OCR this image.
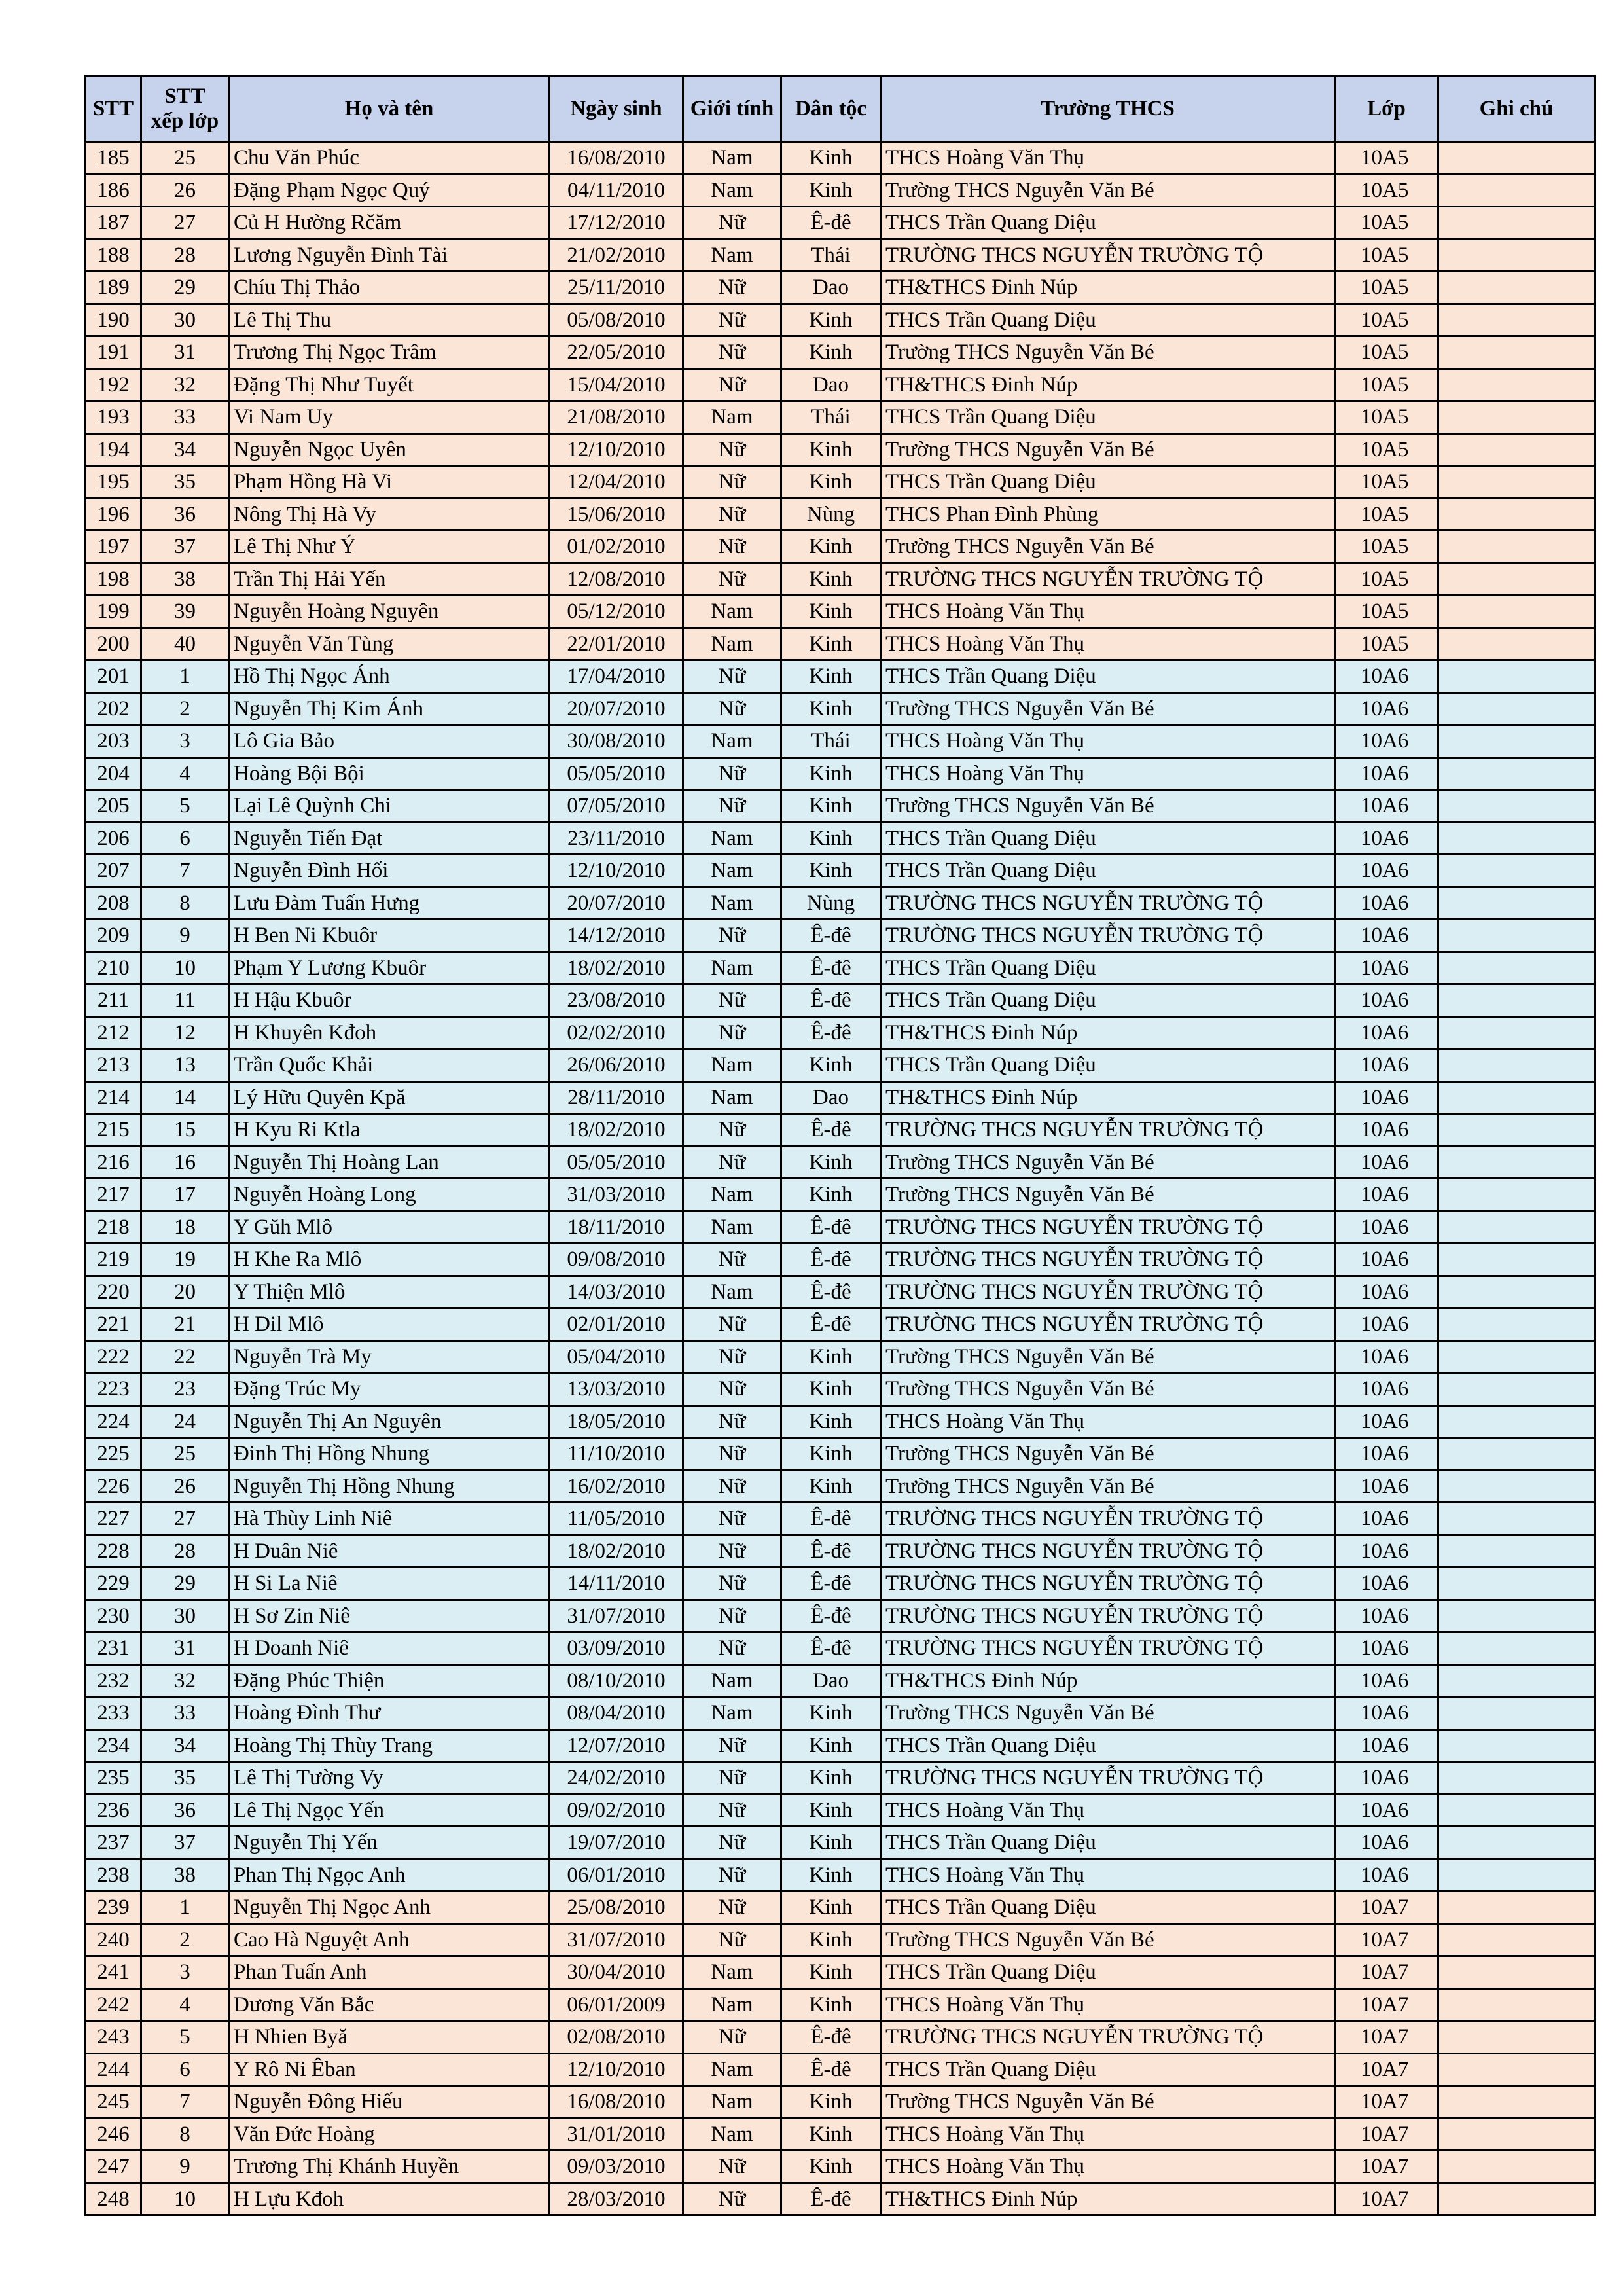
STT	STT xếp lớp	Họ và tên	Ngày sinh	Giới tính	Dân tộc	Trường THCS	Lớp	Ghi chú
185	25	Chu Văn Phúc	16/08/2010	Nam	Kinh	THCS Hoàng Văn Thụ	10A5	
186	26	Đặng Phạm Ngọc Quý	04/11/2010	Nam	Kinh	Trường THCS Nguyễn Văn Bé	10A5	
187	27	Củ H Hường Rčăm	17/12/2010	Nữ	Ê-đê	THCS Trần Quang Diệu	10A5	
188	28	Lương Nguyễn Đình Tài	21/02/2010	Nam	Thái	TRƯỜNG THCS NGUYỄN TRƯỜNG TỘ	10A5	
189	29	Chíu Thị Thảo	25/11/2010	Nữ	Dao	TH&THCS Đinh Núp	10A5	
190	30	Lê Thị Thu	05/08/2010	Nữ	Kinh	THCS Trần Quang Diệu	10A5	
191	31	Trương Thị Ngọc Trâm	22/05/2010	Nữ	Kinh	Trường THCS Nguyễn Văn Bé	10A5	
192	32	Đặng Thị Như Tuyết	15/04/2010	Nữ	Dao	TH&THCS Đinh Núp	10A5	
193	33	Vi Nam Uy	21/08/2010	Nam	Thái	THCS Trần Quang Diệu	10A5	
194	34	Nguyễn Ngọc Uyên	12/10/2010	Nữ	Kinh	Trường THCS Nguyễn Văn Bé	10A5	
195	35	Phạm Hồng Hà Vi	12/04/2010	Nữ	Kinh	THCS Trần Quang Diệu	10A5	
196	36	Nông Thị Hà Vy	15/06/2010	Nữ	Nùng	THCS Phan Đình Phùng	10A5	
197	37	Lê Thị Như Ý	01/02/2010	Nữ	Kinh	Trường THCS Nguyễn Văn Bé	10A5	
198	38	Trần Thị Hải Yến	12/08/2010	Nữ	Kinh	TRƯỜNG THCS NGUYỄN TRƯỜNG TỘ	10A5	
199	39	Nguyễn Hoàng Nguyên	05/12/2010	Nam	Kinh	THCS Hoàng Văn Thụ	10A5	
200	40	Nguyễn Văn Tùng	22/01/2010	Nam	Kinh	THCS Hoàng Văn Thụ	10A5	
201	1	Hồ Thị Ngọc Ánh	17/04/2010	Nữ	Kinh	THCS Trần Quang Diệu	10A6	
202	2	Nguyễn Thị Kim Ánh	20/07/2010	Nữ	Kinh	Trường THCS Nguyễn Văn Bé	10A6	
203	3	Lô Gia Bảo	30/08/2010	Nam	Thái	THCS Hoàng Văn Thụ	10A6	
204	4	Hoàng Bội Bội	05/05/2010	Nữ	Kinh	THCS Hoàng Văn Thụ	10A6	
205	5	Lại Lê Quỳnh Chi	07/05/2010	Nữ	Kinh	Trường THCS Nguyễn Văn Bé	10A6	
206	6	Nguyễn Tiến Đạt	23/11/2010	Nam	Kinh	THCS Trần Quang Diệu	10A6	
207	7	Nguyễn Đình Hối	12/10/2010	Nam	Kinh	THCS Trần Quang Diệu	10A6	
208	8	Lưu Đàm Tuấn Hưng	20/07/2010	Nam	Nùng	TRƯỜNG THCS NGUYỄN TRƯỜNG TỘ	10A6	
209	9	H Ben Ni Kbuôr	14/12/2010	Nữ	Ê-đê	TRƯỜNG THCS NGUYỄN TRƯỜNG TỘ	10A6	
210	10	Phạm Y Lương Kbuôr	18/02/2010	Nam	Ê-đê	THCS Trần Quang Diệu	10A6	
211	11	H Hậu Kbuôr	23/08/2010	Nữ	Ê-đê	THCS Trần Quang Diệu	10A6	
212	12	H Khuyên Kđoh	02/02/2010	Nữ	Ê-đê	TH&THCS Đinh Núp	10A6	
213	13	Trần Quốc Khải	26/06/2010	Nam	Kinh	THCS Trần Quang Diệu	10A6	
214	14	Lý Hữu Quyên Kpă	28/11/2010	Nam	Dao	TH&THCS Đinh Núp	10A6	
215	15	H Kyu Ri Ktla	18/02/2010	Nữ	Ê-đê	TRƯỜNG THCS NGUYỄN TRƯỜNG TỘ	10A6	
216	16	Nguyễn Thị Hoàng Lan	05/05/2010	Nữ	Kinh	Trường THCS Nguyễn Văn Bé	10A6	
217	17	Nguyễn Hoàng Long	31/03/2010	Nam	Kinh	Trường THCS Nguyễn Văn Bé	10A6	
218	18	Y Gŭh Mlô	18/11/2010	Nam	Ê-đê	TRƯỜNG THCS NGUYỄN TRƯỜNG TỘ	10A6	
219	19	H Khe Ra Mlô	09/08/2010	Nữ	Ê-đê	TRƯỜNG THCS NGUYỄN TRƯỜNG TỘ	10A6	
220	20	Y Thiện Mlô	14/03/2010	Nam	Ê-đê	TRƯỜNG THCS NGUYỄN TRƯỜNG TỘ	10A6	
221	21	H Dil Mlô	02/01/2010	Nữ	Ê-đê	TRƯỜNG THCS NGUYỄN TRƯỜNG TỘ	10A6	
222	22	Nguyễn Trà My	05/04/2010	Nữ	Kinh	Trường THCS Nguyễn Văn Bé	10A6	
223	23	Đặng Trúc My	13/03/2010	Nữ	Kinh	Trường THCS Nguyễn Văn Bé	10A6	
224	24	Nguyễn Thị An Nguyên	18/05/2010	Nữ	Kinh	THCS Hoàng Văn Thụ	10A6	
225	25	Đinh Thị Hồng Nhung	11/10/2010	Nữ	Kinh	Trường THCS Nguyễn Văn Bé	10A6	
226	26	Nguyễn Thị Hồng Nhung	16/02/2010	Nữ	Kinh	Trường THCS Nguyễn Văn Bé	10A6	
227	27	Hà Thùy Linh Niê	11/05/2010	Nữ	Ê-đê	TRƯỜNG THCS NGUYỄN TRƯỜNG TỘ	10A6	
228	28	H Duân Niê	18/02/2010	Nữ	Ê-đê	TRƯỜNG THCS NGUYỄN TRƯỜNG TỘ	10A6	
229	29	H Si La Niê	14/11/2010	Nữ	Ê-đê	TRƯỜNG THCS NGUYỄN TRƯỜNG TỘ	10A6	
230	30	H Sơ Zin Niê	31/07/2010	Nữ	Ê-đê	TRƯỜNG THCS NGUYỄN TRƯỜNG TỘ	10A6	
231	31	H Doanh Niê	03/09/2010	Nữ	Ê-đê	TRƯỜNG THCS NGUYỄN TRƯỜNG TỘ	10A6	
232	32	Đặng Phúc Thiện	08/10/2010	Nam	Dao	TH&THCS Đinh Núp	10A6	
233	33	Hoàng Đình Thư	08/04/2010	Nam	Kinh	Trường THCS Nguyễn Văn Bé	10A6	
234	34	Hoàng Thị Thùy Trang	12/07/2010	Nữ	Kinh	THCS Trần Quang Diệu	10A6	
235	35	Lê Thị Tường Vy	24/02/2010	Nữ	Kinh	TRƯỜNG THCS NGUYỄN TRƯỜNG TỘ	10A6	
236	36	Lê Thị Ngọc Yến	09/02/2010	Nữ	Kinh	THCS Hoàng Văn Thụ	10A6	
237	37	Nguyễn Thị Yến	19/07/2010	Nữ	Kinh	THCS Trần Quang Diệu	10A6	
238	38	Phan Thị Ngọc Anh	06/01/2010	Nữ	Kinh	THCS Hoàng Văn Thụ	10A6	
239	1	Nguyễn Thị Ngọc Anh	25/08/2010	Nữ	Kinh	THCS Trần Quang Diệu	10A7	
240	2	Cao Hà Nguyệt Anh	31/07/2010	Nữ	Kinh	Trường THCS Nguyễn Văn Bé	10A7	
241	3	Phan Tuấn Anh	30/04/2010	Nam	Kinh	THCS Trần Quang Diệu	10A7	
242	4	Dương Văn Bắc	06/01/2009	Nam	Kinh	THCS Hoàng Văn Thụ	10A7	
243	5	H Nhien Byă	02/08/2010	Nữ	Ê-đê	TRƯỜNG THCS NGUYỄN TRƯỜNG TỘ	10A7	
244	6	Y Rô Ni Êban	12/10/2010	Nam	Ê-đê	THCS Trần Quang Diệu	10A7	
245	7	Nguyễn Đông Hiếu	16/08/2010	Nam	Kinh	Trường THCS Nguyễn Văn Bé	10A7	
246	8	Văn Đức Hoàng	31/01/2010	Nam	Kinh	THCS Hoàng Văn Thụ	10A7	
247	9	Trương Thị Khánh Huyền	09/03/2010	Nữ	Kinh	THCS Hoàng Văn Thụ	10A7	
248	10	H Lựu Kđoh	28/03/2010	Nữ	Ê-đê	TH&THCS Đinh Núp	10A7	
